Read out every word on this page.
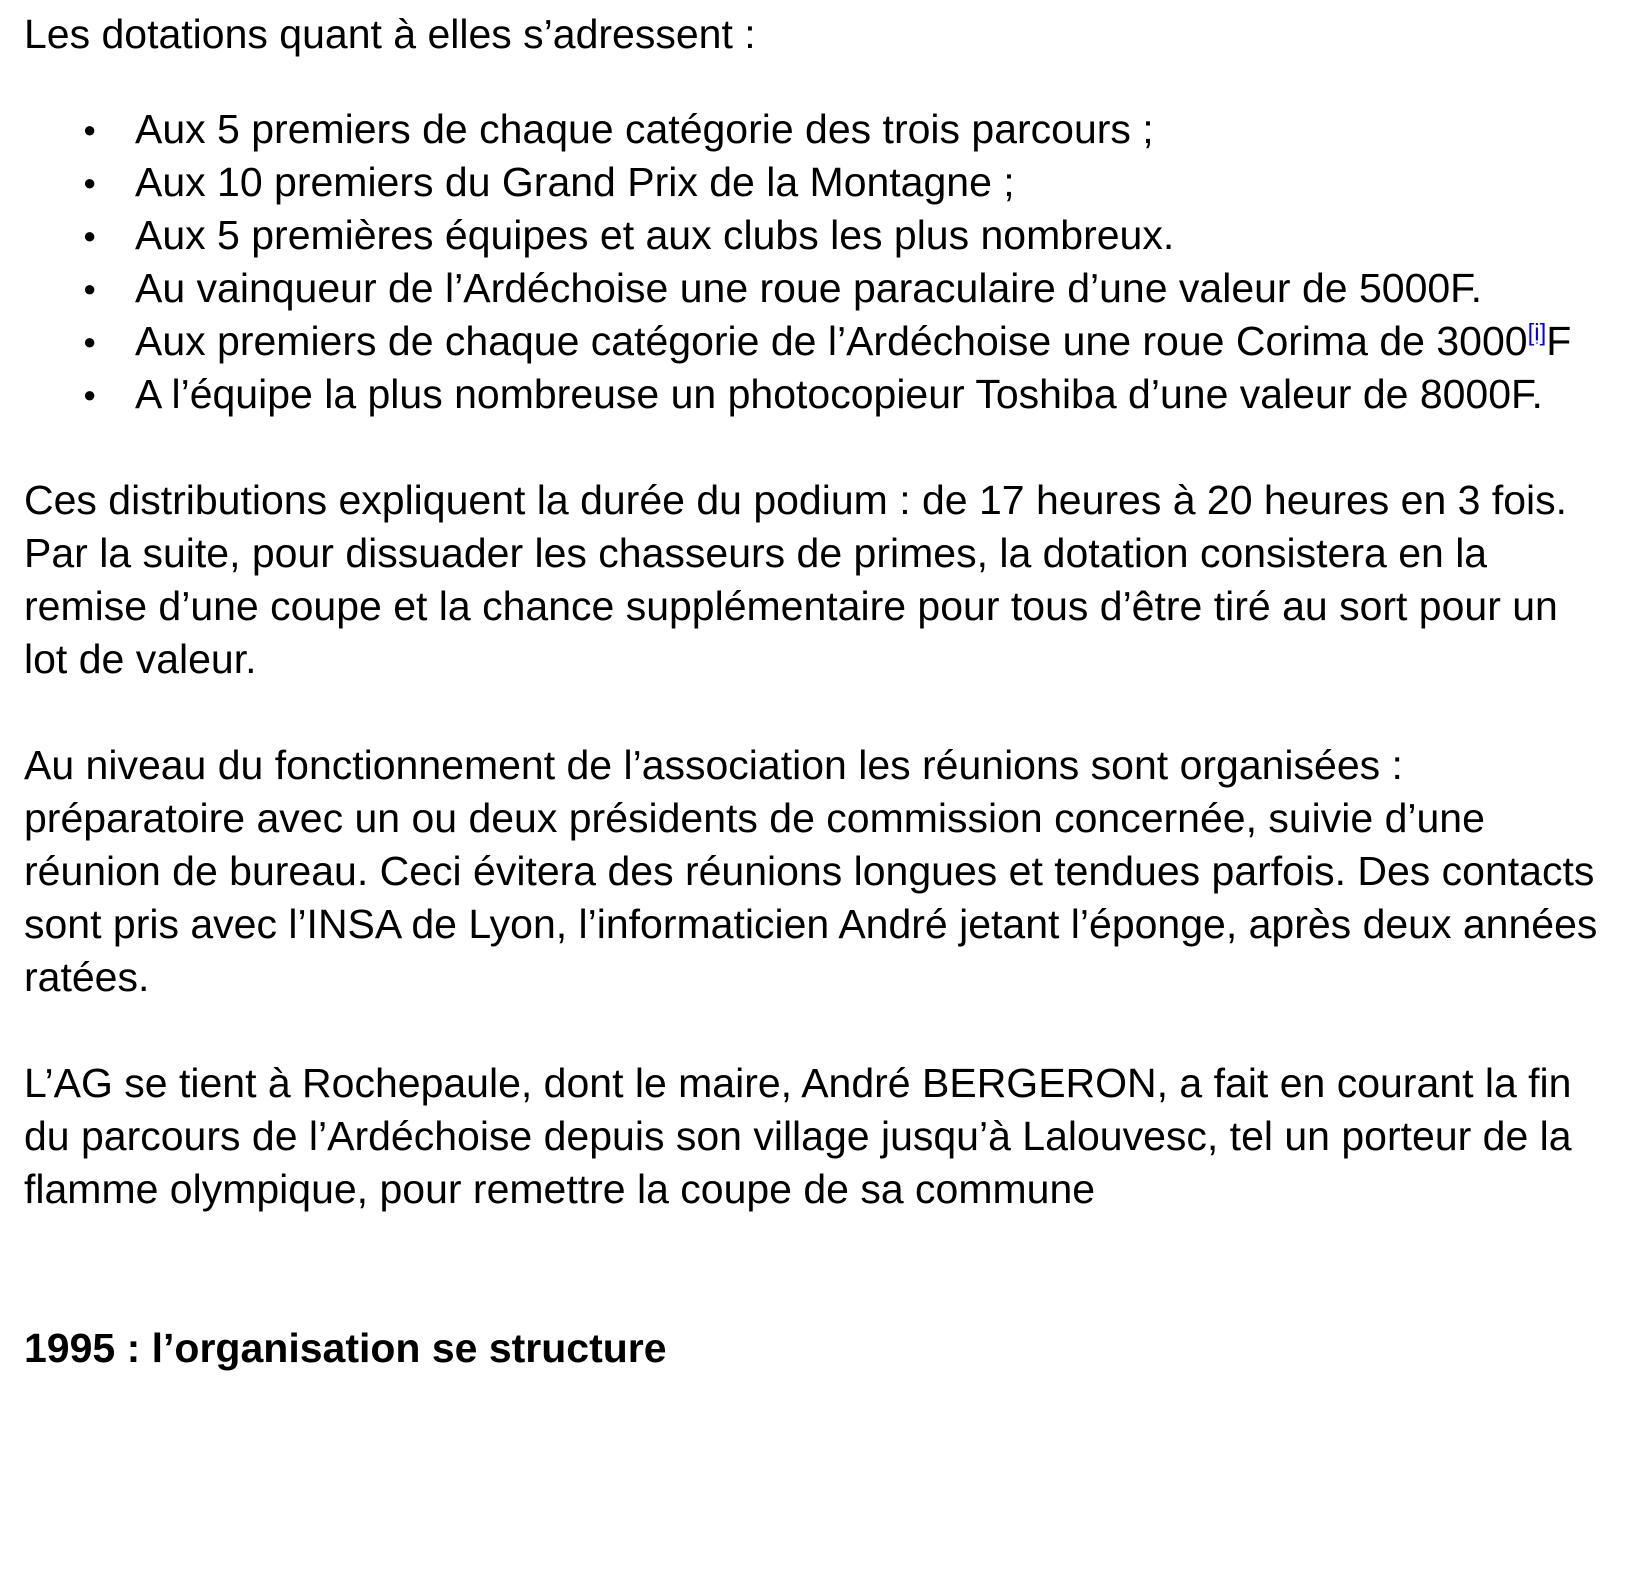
Les dotations quant à elles s’adressent :

● Aux 5 premiers de chaque catégorie des trois parcours ;
● Aux 10 premiers du Grand Prix de la Montagne ;
● Aux 5 premières équipes et aux clubs les plus nombreux.
● Au vainqueur de l’Ardéchoise une roue paraculaire d’une valeur de 5000F.
● Aux premiers de chaque catégorie de l’Ardéchoise une roue Corima de 3000[i]F
● A l’équipe la plus nombreuse un photocopieur Toshiba d’une valeur de 8000F.

Ces distributions expliquent la durée du podium : de 17 heures à 20 heures en 3 fois. Par la suite, pour dissuader les chasseurs de primes, la dotation consistera en la remise d’une coupe et la chance supplémentaire pour tous d’être tiré au sort pour un lot de valeur.

Au niveau du fonctionnement de l’association les réunions sont organisées : préparatoire avec un ou deux présidents de commission concernée, suivie d’une réunion de bureau. Ceci évitera des réunions longues et tendues parfois. Des contacts sont pris avec l’INSA de Lyon, l’informaticien André jetant l’éponge, après deux années ratées.

L’AG se tient à Rochepaule, dont le maire, André BERGERON, a fait en courant la fin du parcours de l’Ardéchoise depuis son village jusqu’à Lalouvesc, tel un porteur de la flamme olympique, pour remettre la coupe de sa commune

1995 : l’organisation se structure
